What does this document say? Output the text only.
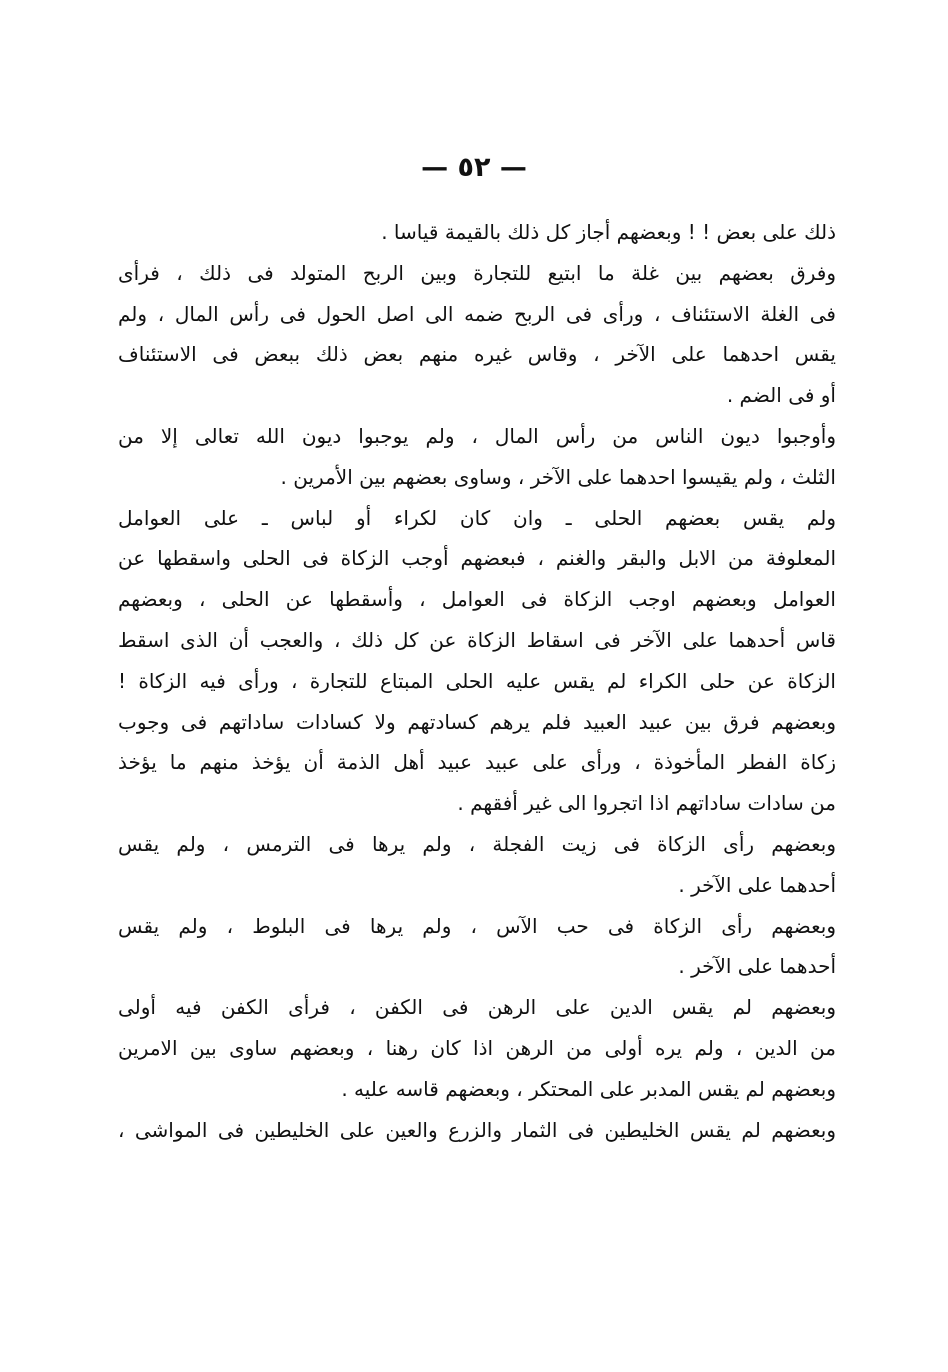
— ٥٢ —
ذلك على بعض ! ! وبعضهم أجاز كل ذلك بالقيمة قياسا .
وفرق بعضهم بين غلة ما ابتيع للتجارة وبين الربح المتولد فى ذلك ، فرأى
فى الغلة الاستئناف ، ورأى فى الربح ضمه الى اصل الحول فى رأس المال ، ولم
يقس احدهما على الآخر ، وقاس غيره منهم بعض ذلك ببعض فى الاستئناف
أو فى الضم .
وأوجبوا ديون الناس من رأس المال ، ولم يوجبوا ديون الله تعالى إلا من
الثلث ، ولم يقيسوا احدهما على الآخر ، وساوى بعضهم بين الأمرين .
ولم يقس بعضهم الحلى ـ وان كان لكراء أو لباس ـ على العوامل
المعلوفة من الابل والبقر والغنم ، فبعضهم أوجب الزكاة فى الحلى واسقطها عن
العوامل وبعضهم اوجب الزكاة فى العوامل ، وأسقطها عن الحلى ، وبعضهم
قاس أحدهما على الآخر فى اسقاط الزكاة عن كل ذلك ، والعجب أن الذى اسقط
الزكاة عن حلى الكراء لم يقس عليه الحلى المبتاع للتجارة ، ورأى فيه الزكاة !
وبعضهم فرق بين عبيد العبيد فلم يرهم كسادتهم ولا كسادات ساداتهم فى وجوب
زكاة الفطر المأخوذة ، ورأى على عبيد عبيد أهل الذمة أن يؤخذ منهم ما يؤخذ
من سادات ساداتهم اذا اتجروا الى غير أفقهم .
وبعضهم رأى الزكاة فى زيت الفجلة ، ولم يرها فى الترمس ، ولم يقس
أحدهما على الآخر .
وبعضهم رأى الزكاة فى حب الآس ، ولم يرها فى البلوط ، ولم يقس
أحدهما على الآخر .
وبعضهم لم يقس الدين على الرهن فى الكفن ، فرأى الكفن فيه أولى
من الدين ، ولم يره أولى من الرهن اذا كان رهنا ، وبعضهم ساوى بين الامرين
وبعضهم لم يقس المدبر على المحتكر ، وبعضهم قاسه عليه .
وبعضهم لم يقس الخليطين فى الثمار والزرع والعين على الخليطين فى المواشى ،
